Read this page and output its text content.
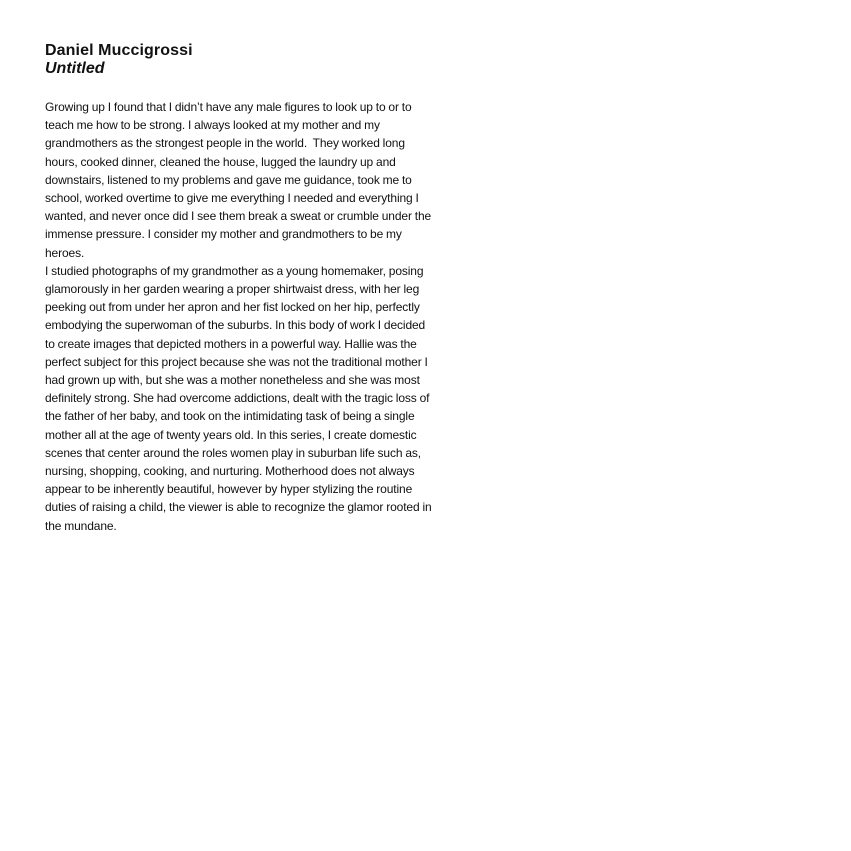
Daniel Muccigrossi
Untitled

Growing up I found that I didn’t have any male figures to look up to or to
teach me how to be strong. I always looked at my mother and my
grandmothers as the strongest people in the world.  They worked long
hours, cooked dinner, cleaned the house, lugged the laundry up and
downstairs, listened to my problems and gave me guidance, took me to
school, worked overtime to give me everything I needed and everything I
wanted, and never once did I see them break a sweat or crumble under the
immense pressure. I consider my mother and grandmothers to be my
heroes.

I studied photographs of my grandmother as a young homemaker, posing
glamorously in her garden wearing a proper shirtwaist dress, with her leg
peeking out from under her apron and her fist locked on her hip, perfectly
embodying the superwoman of the suburbs. In this body of work I decided
to create images that depicted mothers in a powerful way. Hallie was the
perfect subject for this project because she was not the traditional mother I
had grown up with, but she was a mother nonetheless and she was most
definitely strong. She had overcome addictions, dealt with the tragic loss of
the father of her baby, and took on the intimidating task of being a single
mother all at the age of twenty years old. In this series, I create domestic
scenes that center around the roles women play in suburban life such as,
nursing, shopping, cooking, and nurturing. Motherhood does not always
appear to be inherently beautiful, however by hyper stylizing the routine
duties of raising a child, the viewer is able to recognize the glamor rooted in
the mundane.
